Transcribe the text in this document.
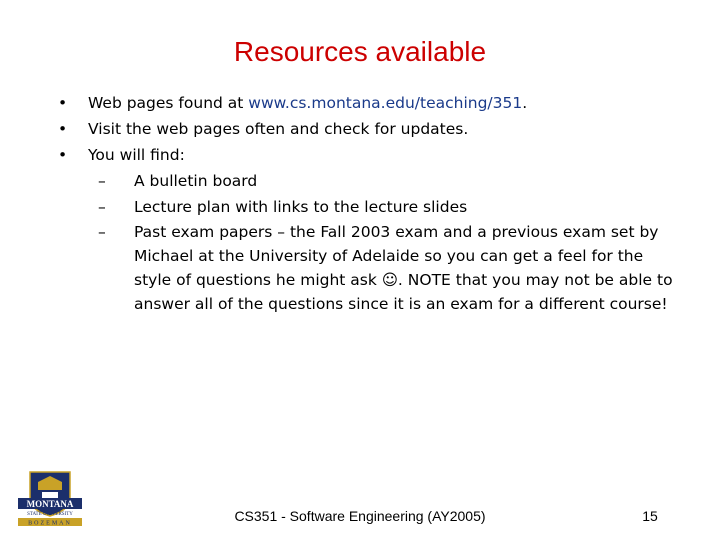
Resources available
• Web pages found at www.cs.montana.edu/teaching/351.
• Visit the web pages often and check for updates.
• You will find:
– A bulletin board
– Lecture plan with links to the lecture slides
– Past exam papers – the Fall 2003 exam and a previous exam set by Michael at the University of Adelaide so you can get a feel for the style of questions he might ask ☺. NOTE that you may not be able to answer all of the questions since it is an exam for a different course!
MONTANA
STATE UNIVERSITY
BOZEMAN	CS351 - Software Engineering (AY2005)	15
